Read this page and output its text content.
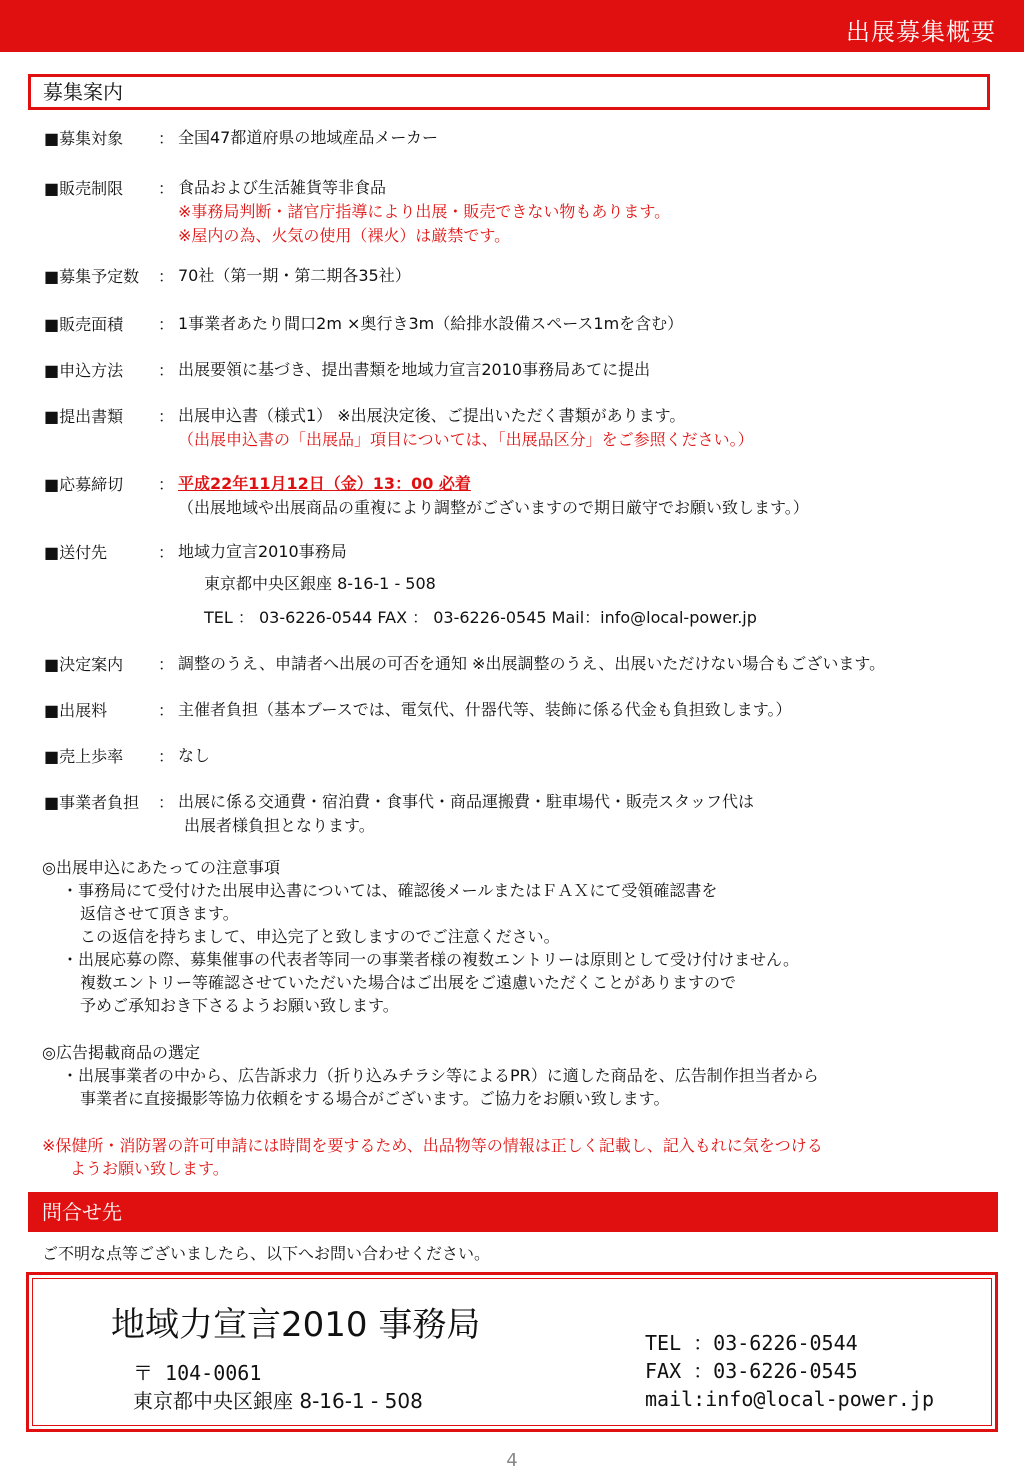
出展募集概要
募集案内
■募集対象 ： 全国47都道府県の地域産品メーカー
■販売制限 ： 食品および生活雑貨等非食品
※事務局判断・諸官庁指導により出展・販売できない物もあります。
※屋内の為、火気の使用（裸火）は厳禁です。
■募集予定数 ： 70社（第一期・第二期各35社）
■販売面積 ： 1事業者あたり間口2m ×奥行き3m（給排水設備スペース1mを含む）
■申込方法 ： 出展要領に基づき、提出書類を地域力宣言2010事務局あてに提出
■提出書類 ： 出展申込書（様式1） ※出展決定後、ご提出いただく書類があります。
（出展申込書の「出展品」項目については、「出展品区分」をご参照ください。）
■応募締切 ： 平成22年11月12日（金）13：00 必着
（出展地域や出展商品の重複により調整がございますので期日厳守でお願い致します。）
■送付先	： 地域力宣言2010事務局
東京都中央区銀座 8-16-1 - 508
TEL ： 03-6226-0544 FAX ： 03-6226-0545 Mail：info@local-power.jp
■決定案内 ： 調整のうえ、申請者へ出展の可否を通知 ※出展調整のうえ、出展いただけない場合もございます。
■出展料	： 主催者負担（基本ブースでは、電気代、什器代等、装飾に係る代金も負担致します。）
■売上歩率 ： なし
■事業者負担 ： 出展に係る交通費・宿泊費・食事代・商品運搬費・駐車場代・販売スタッフ代は
出展者様負担となります。
◎出展申込にあたっての注意事項
・事務局にて受付けた出展申込書については、確認後メールまたはＦＡＸにて受領確認書を
返信させて頂きます。
この返信を持ちまして、申込完了と致しますのでご注意ください。
・出展応募の際、募集催事の代表者等同一の事業者様の複数エントリーは原則として受け付けません。
複数エントリー等確認させていただいた場合はご出展をご遠慮いただくことがありますので
予めご承知おき下さるようお願い致します。
◎広告掲載商品の選定
・出展事業者の中から、広告訴求力（折り込みチラシ等によるPR）に適した商品を、広告制作担当者から
事業者に直接撮影等協力依頼をする場合がございます。ご協力をお願い致します。
※保健所・消防署の許可申請には時間を要するため、出品物等の情報は正しく記載し、記入もれに気をつける
ようお願い致します。
問合せ先
ご不明な点等ございましたら、以下へお問い合わせください。
地域力宣言2010 事務局
〒 104-0061
東京都中央区銀座 8-16-1 - 508
TEL ：03-6226-0544
FAX ：03-6226-0545
mail:info@local-power.jp
4
